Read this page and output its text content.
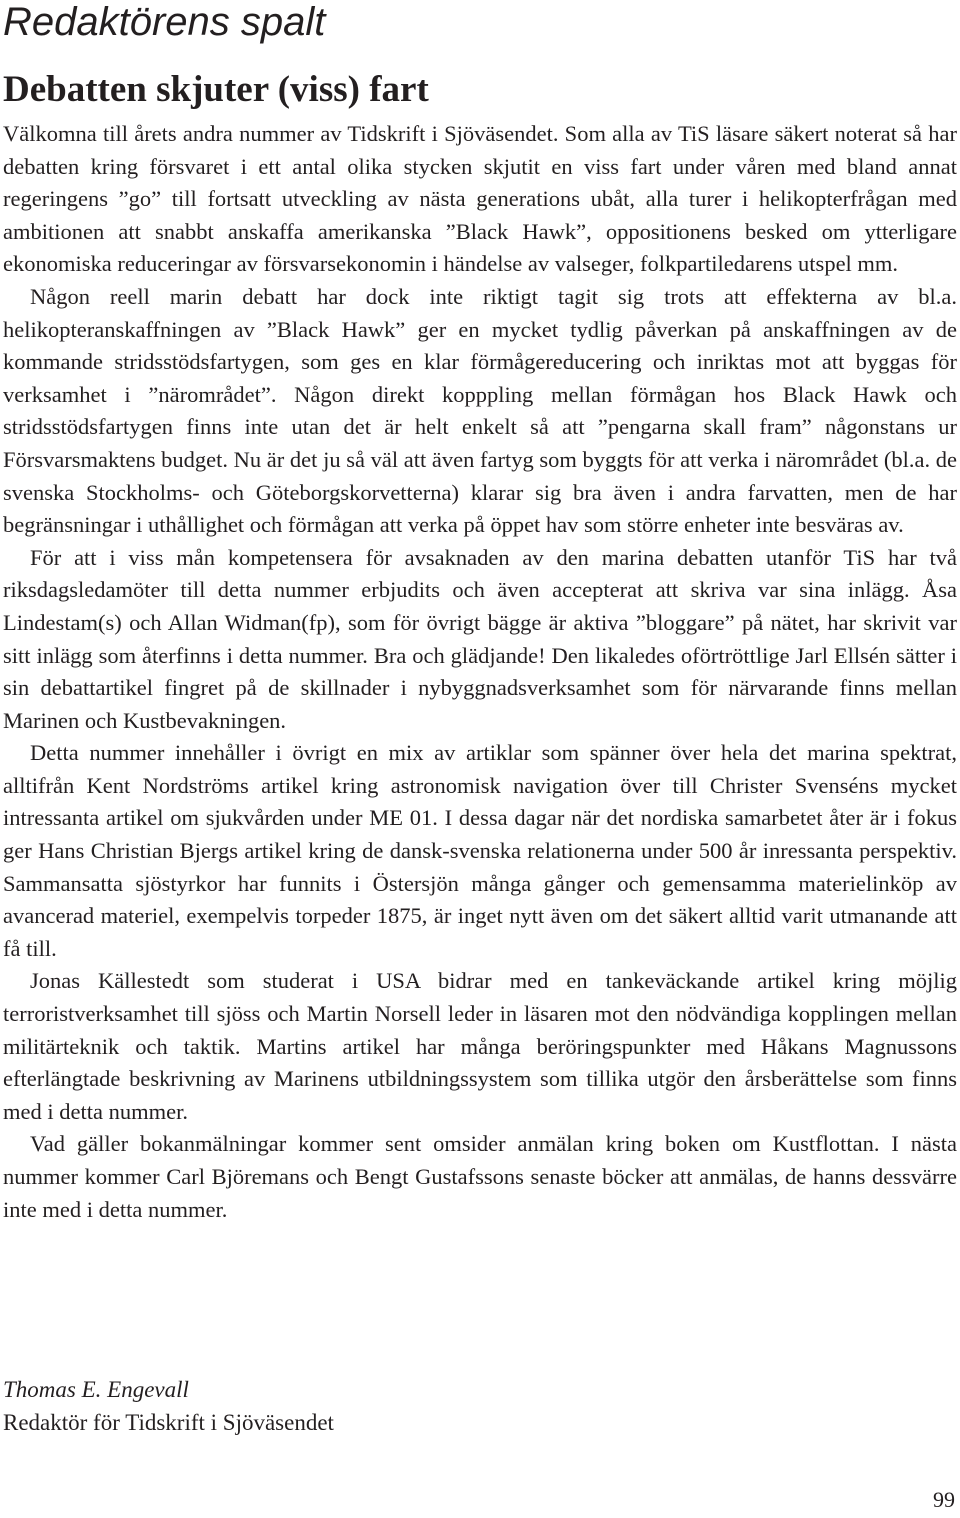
Redaktörens spalt
Debatten skjuter (viss) fart

Välkomna till årets andra nummer av Tidskrift i Sjöväsendet. Som alla av TiS läsare säkert noterat så har debatten kring försvaret i ett antal olika stycken skjutit en viss fart under våren med bland annat regeringens ”go” till fortsatt utveckling av nästa generations ubåt, alla turer i helikopterfrågan med ambitionen att snabbt anskaffa amerikanska ”Black Hawk”, oppositionens besked om ytterligare ekonomiska reduceringar av försvarsekonomin i händelse av valseger, folkpartiledarens utspel mm.

Någon reell marin debatt har dock inte riktigt tagit sig trots att effekterna av bl.a. helikopteranskaffningen av ”Black Hawk” ger en mycket tydlig påverkan på anskaffningen av de kommande stridsstödsfartygen, som ges en klar förmågereducering och inriktas mot att byggas för verksamhet i ”närområdet”. Någon direkt kopppling mellan förmågan hos Black Hawk och stridsstödsfartygen finns inte utan det är helt enkelt så att ”pengarna skall fram” någonstans ur Försvarsmaktens budget. Nu är det ju så väl att även fartyg som byggts för att verka i närområdet (bl.a. de svenska Stockholms- och Göteborgskorvetterna) klarar sig bra även i andra farvatten, men de har begränsningar i uthållighet och förmågan att verka på öppet hav som större enheter inte besväras av.

För att i viss mån kompetensera för avsaknaden av den marina debatten utanför TiS har två riksdagsledamöter till detta nummer erbjudits och även accepterat att skriva var sina inlägg. Åsa Lindestam(s) och Allan Widman(fp), som för övrigt bägge är aktiva ”bloggare” på nätet, har skrivit var sitt inlägg som återfinns i detta nummer. Bra och glädjande! Den likaledes oförtröttlige Jarl Ellsén sätter i sin debattartikel fingret på de skillnader i nybyggnadsverksamhet som för närvarande finns mellan Marinen och Kustbevakningen.

Detta nummer innehåller i övrigt en mix av artiklar som spänner över hela det marina spektrat, alltifrån Kent Nordströms artikel kring astronomisk navigation över till Christer Svenséns mycket intressanta artikel om sjukvården under ME 01. I dessa dagar när det nordiska samarbetet åter är i fokus ger Hans Christian Bjergs artikel kring de dansk-svenska relationerna under 500 år inressanta perspektiv. Sammansatta sjöstyrkor har funnits i Östersjön många gånger och gemensamma materielinköp av avancerad materiel, exempelvis torpeder 1875, är inget nytt även om det säkert alltid varit utmanande att få till.

Jonas Källestedt som studerat i USA bidrar med en tankeväckande artikel kring möjlig terroristverksamhet till sjöss och Martin Norsell leder in läsaren mot den nödvändiga kopplingen mellan militärteknik och taktik. Martins artikel har många beröringspunkter med Håkans Magnussons efterlängtade beskrivning av Marinens utbildningssystem som tillika utgör den årsberättelse som finns med i detta nummer.

Vad gäller bokanmälningar kommer sent omsider anmälan kring boken om Kustflottan. I nästa nummer kommer Carl Björemans och Bengt Gustafssons senaste böcker att anmälas, de hanns dessvärre inte med i detta nummer.

Thomas E. Engevall
Redaktör för Tidskrift i Sjöväsendet
99
